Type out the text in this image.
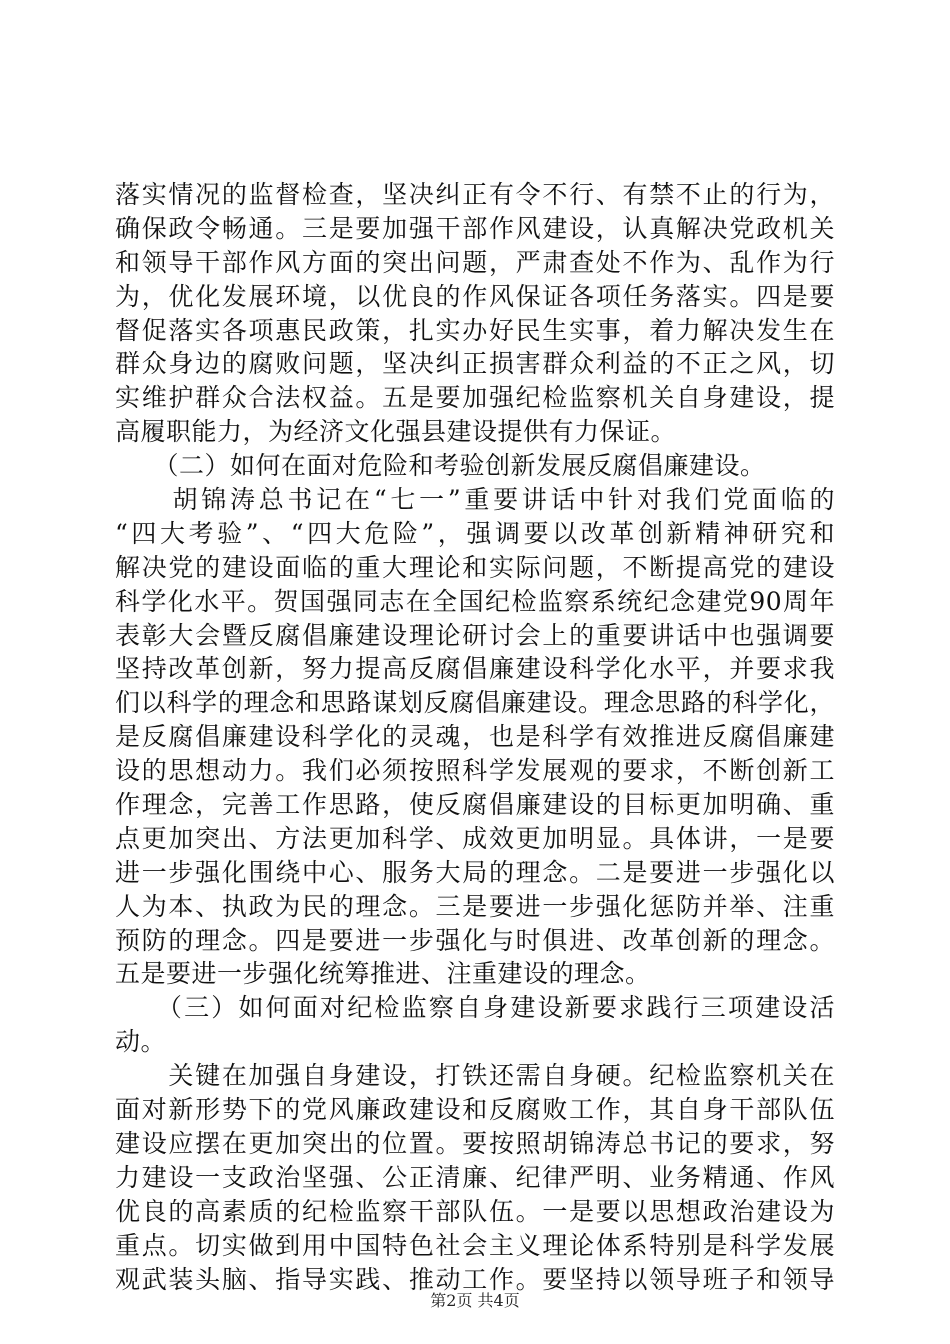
落实情况的监督检查，坚决纠正有令不行、有禁不止的行为，
确保政令畅通。三是要加强干部作风建设，认真解决党政机关
和领导干部作风方面的突出问题，严肃查处不作为、乱作为行
为，优化发展环境，以优良的作风保证各项任务落实。四是要
督促落实各项惠民政策，扎实办好民生实事，着力解决发生在
群众身边的腐败问题，坚决纠正损害群众利益的不正之风，切
实维护群众合法权益。五是要加强纪检监察机关自身建设，提
高履职能力，为经济文化强县建设提供有力保证。
　　（二）如何在面对危险和考验创新发展反腐倡廉建设。
　　胡锦涛总书记在“七一”重要讲话中针对我们党面临的
“四大考验”、“四大危险”，强调要以改革创新精神研究和
解决党的建设面临的重大理论和实际问题，不断提高党的建设
科学化水平。贺国强同志在全国纪检监察系统纪念建党90周年
表彰大会暨反腐倡廉建设理论研讨会上的重要讲话中也强调要
坚持改革创新，努力提高反腐倡廉建设科学化水平，并要求我
们以科学的理念和思路谋划反腐倡廉建设。理念思路的科学化，
是反腐倡廉建设科学化的灵魂，也是科学有效推进反腐倡廉建
设的思想动力。我们必须按照科学发展观的要求，不断创新工
作理念，完善工作思路，使反腐倡廉建设的目标更加明确、重
点更加突出、方法更加科学、成效更加明显。具体讲，一是要
进一步强化围绕中心、服务大局的理念。二是要进一步强化以
人为本、执政为民的理念。三是要进一步强化惩防并举、注重
预防的理念。四是要进一步强化与时俱进、改革创新的理念。
五是要进一步强化统筹推进、注重建设的理念。
　　（三）如何面对纪检监察自身建设新要求践行三项建设活
动。
　　关键在加强自身建设，打铁还需自身硬。纪检监察机关在
面对新形势下的党风廉政建设和反腐败工作，其自身干部队伍
建设应摆在更加突出的位置。要按照胡锦涛总书记的要求，努
力建设一支政治坚强、公正清廉、纪律严明、业务精通、作风
优良的高素质的纪检监察干部队伍。一是要以思想政治建设为
重点。切实做到用中国特色社会主义理论体系特别是科学发展
观武装头脑、指导实践、推动工作。要坚持以领导班子和领导
第2页 共4页
